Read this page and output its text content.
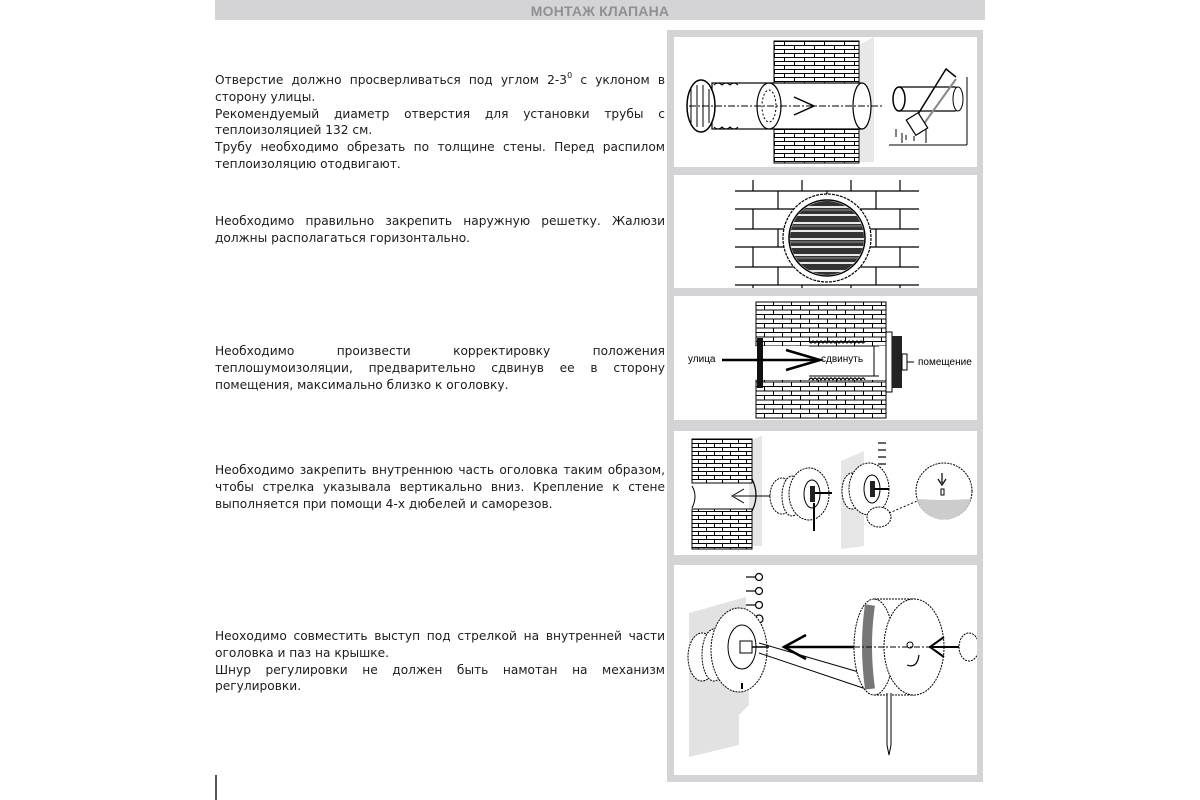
МОНТАЖ КЛАПАНА

Отверстие должно просверливаться под углом $2-3^0$ с уклоном в сторону улицы.

Рекомендуемый диаметр отверстия для установки трубы с теплоизоляцией 132 см.

Трубу необходимо обрезать по толщине стены. Перед распилом теплоизоляцию отодвигают.

Необходимо правильно закрепить наружную решетку. Жалюзи должны располагаться горизонтально.

Необходимо произвести корректировку положения теплошумоизоляции, предварительно сдвинув ее в сторону помещения, максимально близко к оголовку.

Необходимо закрепить внутреннюю часть оголовка таким образом, чтобы стрелка указывала вертикально вниз. Крепление к стене выполняется при помощи 4-х дюбелей и саморезов.

Неоходимо совместить выступ под стрелкой на внутренней части оголовка и паз на крышке.

Шнур регулировки не должен быть намотан на механизм регулировки.

улица	сдвинуть	помещение
